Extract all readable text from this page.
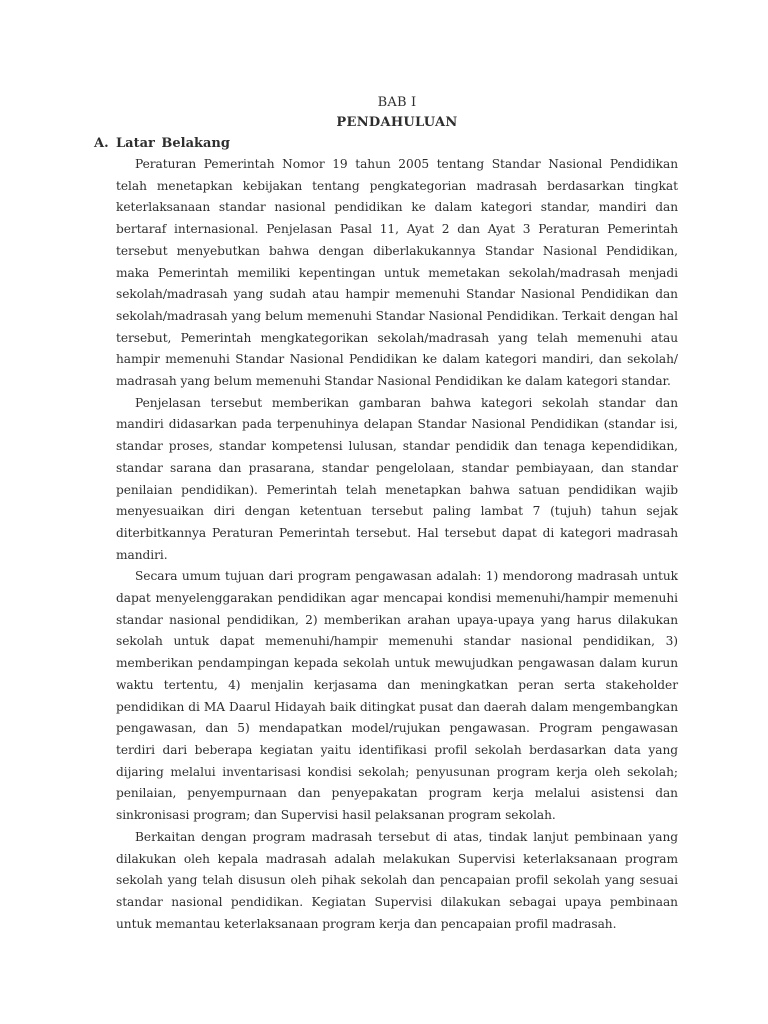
BAB I
PENDAHULUAN
A. Latar Belakang

Peraturan Pemerintah Nomor 19 tahun 2005 tentang Standar Nasional Pendidikan telah menetapkan kebijakan tentang pengkategorian madrasah berdasarkan tingkat keterlaksanaan standar nasional pendidikan ke dalam kategori standar, mandiri dan bertaraf internasional. Penjelasan Pasal 11, Ayat 2 dan Ayat 3 Peraturan Pemerintah tersebut menyebutkan bahwa dengan diberlakukannya Standar Nasional Pendidikan, maka Pemerintah memiliki kepentingan untuk memetakan sekolah/madrasah menjadi sekolah/madrasah yang sudah atau hampir memenuhi Standar Nasional Pendidikan dan sekolah/madrasah yang belum memenuhi Standar Nasional Pendidikan. Terkait dengan hal tersebut, Pemerintah mengkategorikan sekolah/madrasah yang telah memenuhi atau hampir memenuhi Standar Nasional Pendidikan ke dalam kategori mandiri, dan sekolah/ madrasah yang belum memenuhi Standar Nasional Pendidikan ke dalam kategori standar.

Penjelasan tersebut memberikan gambaran bahwa kategori sekolah standar dan mandiri didasarkan pada terpenuhinya delapan Standar Nasional Pendidikan (standar isi, standar proses, standar kompetensi lulusan, standar pendidik dan tenaga kependidikan, standar sarana dan prasarana, standar pengelolaan, standar pembiayaan, dan standar penilaian pendidikan). Pemerintah telah menetapkan bahwa satuan pendidikan wajib menyesuaikan diri dengan ketentuan tersebut paling lambat 7 (tujuh) tahun sejak diterbitkannya Peraturan Pemerintah tersebut. Hal tersebut dapat di kategori madrasah mandiri.

Secara umum tujuan dari program pengawasan adalah: 1) mendorong madrasah untuk dapat menyelenggarakan pendidikan agar mencapai kondisi memenuhi/hampir memenuhi standar nasional pendidikan, 2) memberikan arahan upaya-upaya yang harus dilakukan sekolah untuk dapat memenuhi/hampir memenuhi standar nasional pendidikan, 3) memberikan pendampingan kepada sekolah untuk mewujudkan pengawasan dalam kurun waktu tertentu, 4) menjalin kerjasama dan meningkatkan peran serta stakeholder pendidikan di MA Daarul Hidayah baik ditingkat pusat dan daerah dalam mengembangkan pengawasan, dan 5) mendapatkan model/rujukan pengawasan. Program pengawasan terdiri dari beberapa kegiatan yaitu identifikasi profil sekolah berdasarkan data yang dijaring melalui inventarisasi kondisi sekolah; penyusunan program kerja oleh sekolah; penilaian, penyempurnaan dan penyepakatan program kerja melalui asistensi dan sinkronisasi program; dan Supervisi hasil pelaksanan program sekolah.

Berkaitan dengan program madrasah tersebut di atas, tindak lanjut pembinaan yang dilakukan oleh kepala madrasah adalah melakukan Supervisi keterlaksanaan program sekolah yang telah disusun oleh pihak sekolah dan pencapaian profil sekolah yang sesuai standar nasional pendidikan. Kegiatan Supervisi dilakukan sebagai upaya pembinaan untuk memantau keterlaksanaan program kerja dan pencapaian profil madrasah.
